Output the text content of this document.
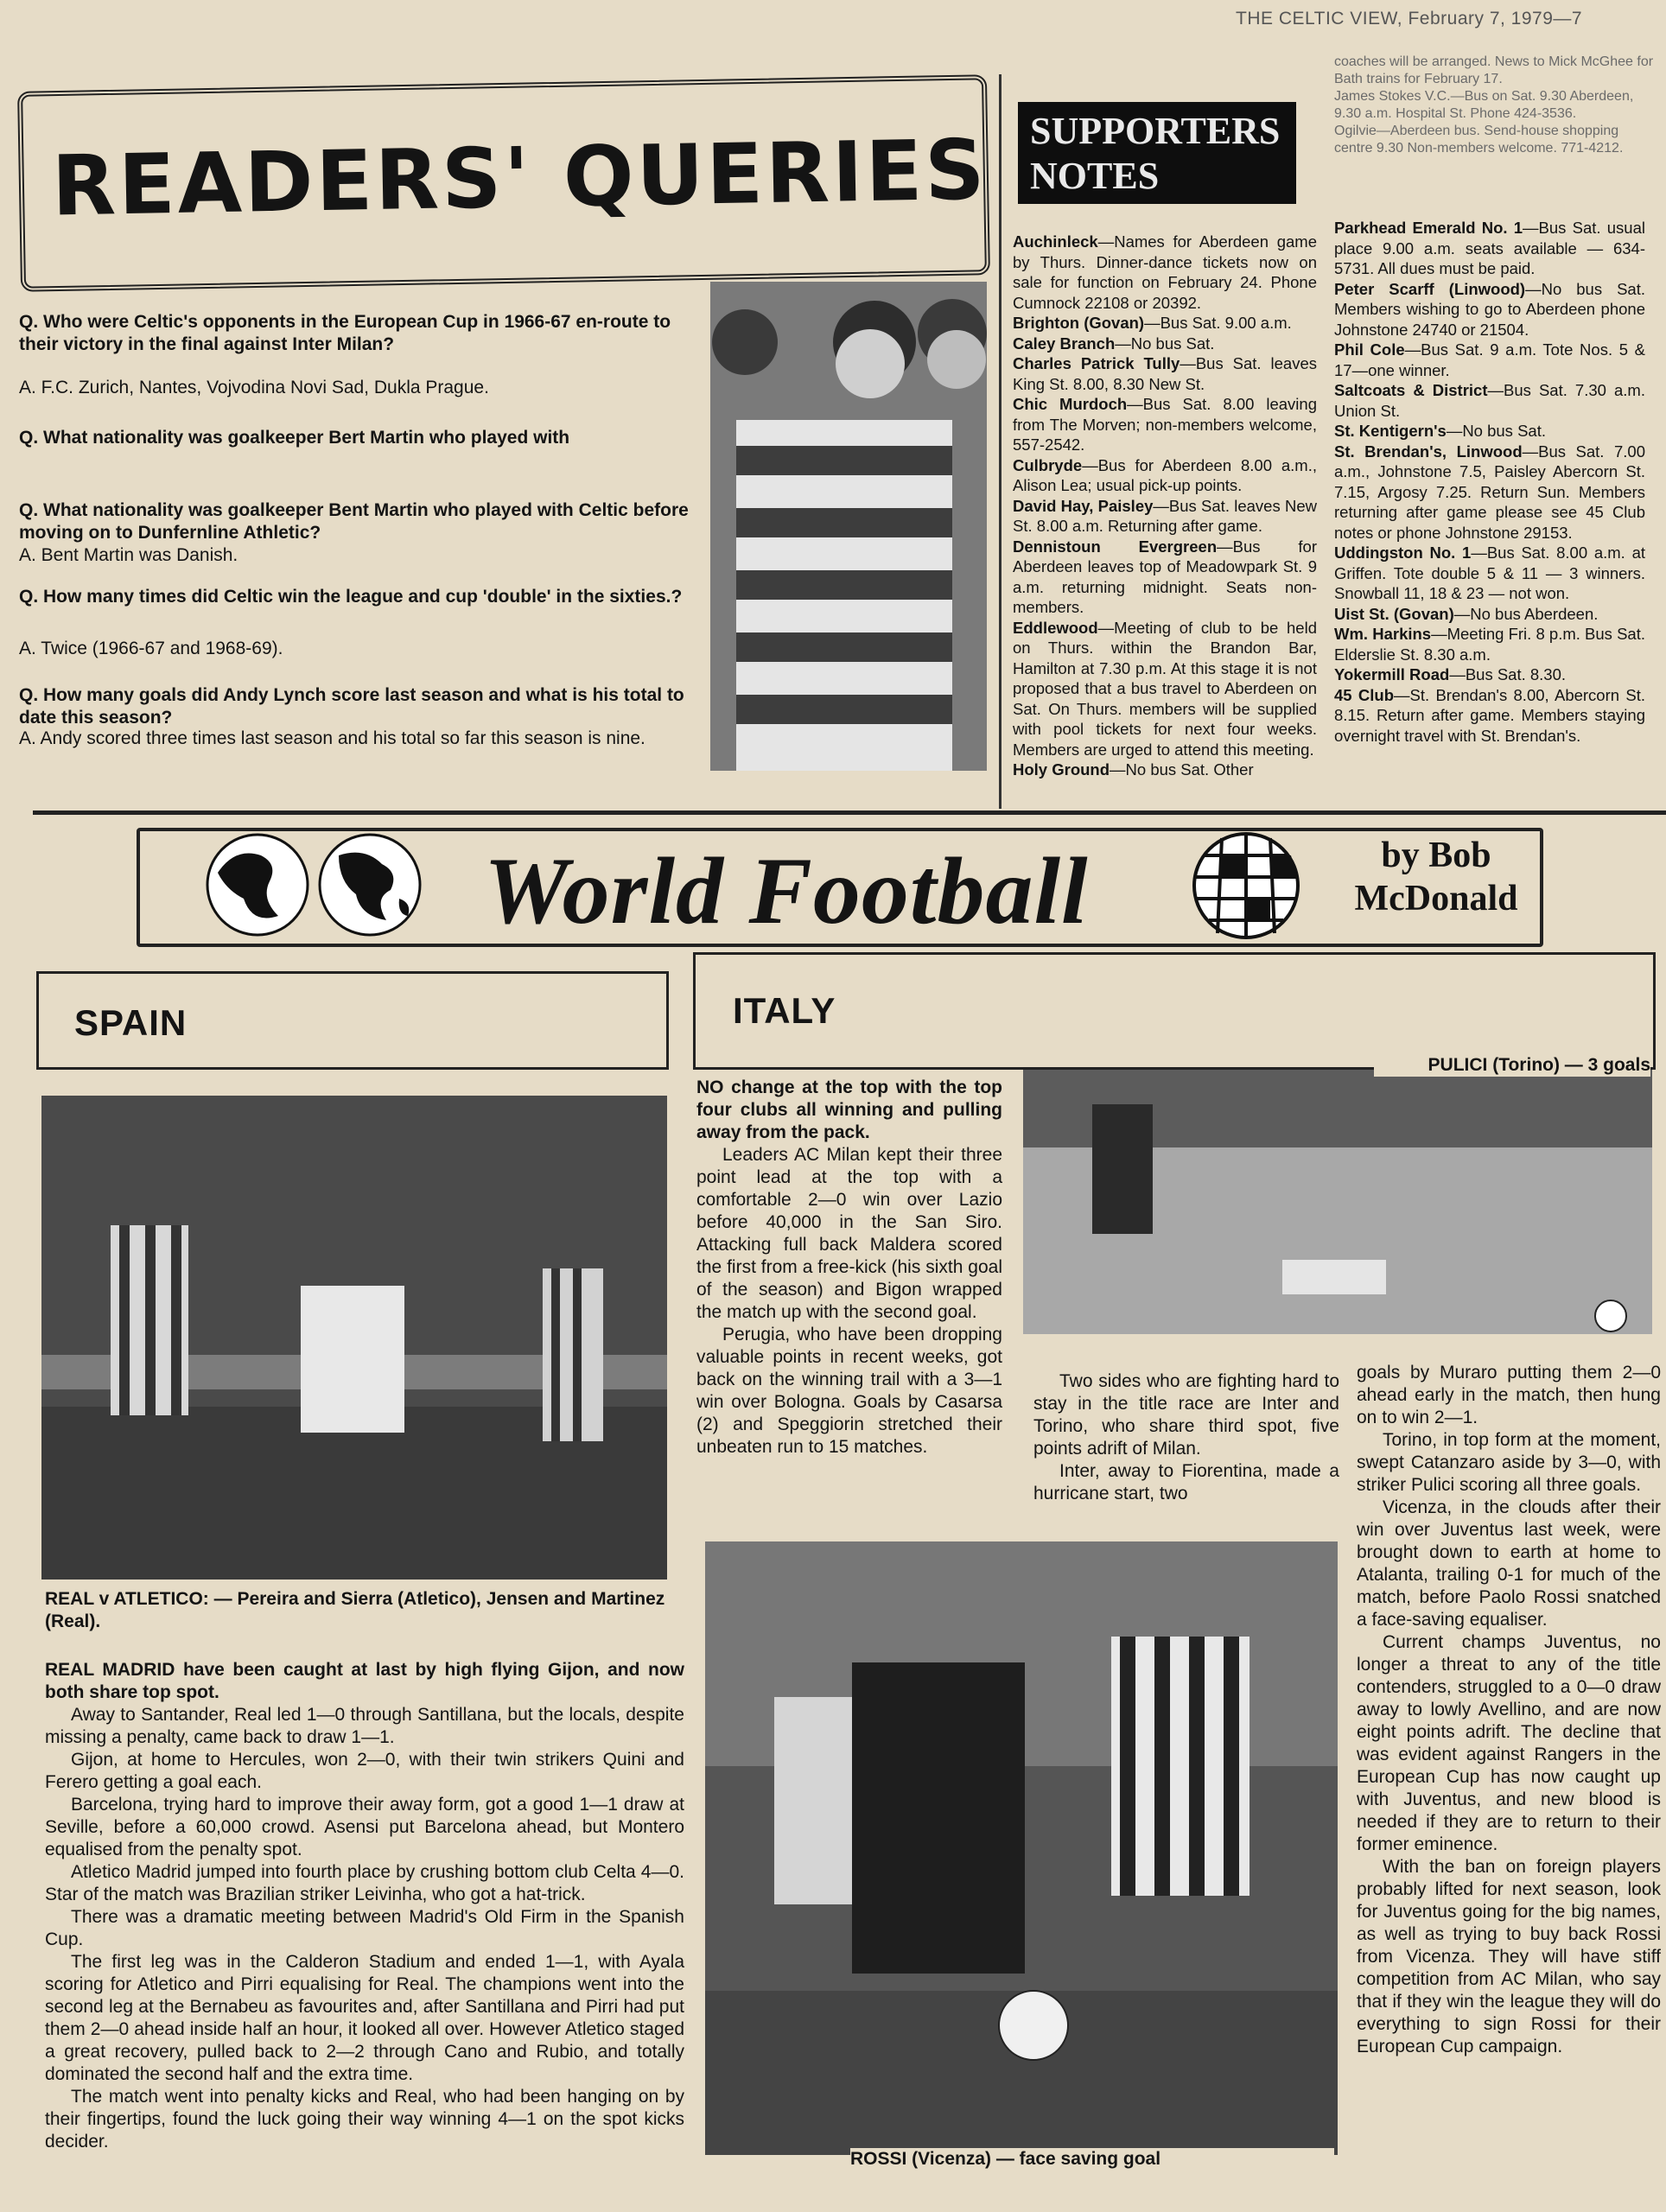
THE CELTIC VIEW, February 7, 1979—7
READERS' QUERIES
Q. Who were Celtic's opponents in the European Cup in 1966-67 en-route to their victory in the final against Inter Milan?
A. F.C. Zurich, Nantes, Vojvodina Novi Sad, Dukla Prague.
Q. What nationality was goalkeeper Bert Martin who played with
Q. What nationality was goalkeeper Bent Martin who played with Celtic before moving on to Dunfernline Athletic?
A. Bent Martin was Danish.
Q. How many times did Celtic win the league and cup 'double' in the sixties.?
A. Twice (1966-67 and 1968-69).
Q. How many goals did Andy Lynch score last season and what is his total to date this season?
A. Andy scored three times last season and his total so far this season is nine.
SUPPORTERS
NOTES
coaches will be arranged. News to Mick McGhee for Bath trains for February 17.
James Stokes V.C.—Bus on Sat. 9.30 Aberdeen, 9.30 a.m. Hospital St. Phone 424-3536.
Ogilvie—Aberdeen bus. Send-house shopping centre 9.30 Non-members welcome. 771-4212.

Auchinleck—Names for Aberdeen game by Thurs. Dinner-dance tickets now on sale for function on February 24. Phone Cumnock 22108 or 20392.

Brighton (Govan)—Bus Sat. 9.00 a.m.

Caley Branch—No bus Sat.

Charles Patrick Tully—Bus Sat. leaves King St. 8.00, 8.30 New St.

Chic Murdoch—Bus Sat. 8.00 leaving from The Morven; non-members welcome, 557-2542.

Culbryde—Bus for Aberdeen 8.00 a.m., Alison Lea; usual pick-up points.

David Hay, Paisley—Bus Sat. leaves New St. 8.00 a.m. Returning after game.

Dennistoun Evergreen—Bus for Aberdeen leaves top of Meadowpark St. 9 a.m. returning midnight. Seats non-members.

Eddlewood—Meeting of club to be held on Thurs. within the Brandon Bar, Hamilton at 7.30 p.m. At this stage it is not proposed that a bus travel to Aberdeen on Sat. On Thurs. members will be supplied with pool tickets for next four weeks. Members are urged to attend this meeting.

Holy Ground—No bus Sat. Other

Parkhead Emerald No. 1—Bus Sat. usual place 9.00 a.m. seats available — 634-5731. All dues must be paid.

Peter Scarff (Linwood)—No bus Sat. Members wishing to go to Aberdeen phone Johnstone 24740 or 21504.

Phil Cole—Bus Sat. 9 a.m. Tote Nos. 5 & 17—one winner.

Saltcoats & District—Bus Sat. 7.30 a.m. Union St.

St. Kentigern's—No bus Sat.

St. Brendan's, Linwood—Bus Sat. 7.00 a.m., Johnstone 7.5, Paisley Abercorn St. 7.15, Argosy 7.25. Return Sun. Members returning after game please see 45 Club notes or phone Johnstone 29153.

Uddingston No. 1—Bus Sat. 8.00 a.m. at Griffen. Tote double 5 & 11 — 3 winners. Snowball 11, 18 & 23 — not won.

Uist St. (Govan)—No bus Aberdeen.

Wm. Harkins—Meeting Fri. 8 p.m. Bus Sat. Elderslie St. 8.30 a.m.

Yokermill Road—Bus Sat. 8.30.

45 Club—St. Brendan's 8.00, Abercorn St. 8.15. Return after game. Members staying overnight travel with St. Brendan's.

World Football	by Bob
McDonald
SPAIN
REAL v ATLETICO: — Pereira and Sierra (Atletico), Jensen and Martinez (Real).
REAL MADRID have been caught at last by high flying Gijon, and now both share top spot.

Away to Santander, Real led 1—0 through Santillana, but the locals, despite missing a penalty, came back to draw 1—1.

Gijon, at home to Hercules, won 2—0, with their twin strikers Quini and Ferero getting a goal each.

Barcelona, trying hard to improve their away form, got a good 1—1 draw at Seville, before a 60,000 crowd. Asensi put Barcelona ahead, but Montero equalised from the penalty spot.

Atletico Madrid jumped into fourth place by crushing bottom club Celta 4—0. Star of the match was Brazilian striker Leivinha, who got a hat-trick.

There was a dramatic meeting between Madrid's Old Firm in the Spanish Cup.

The first leg was in the Calderon Stadium and ended 1—1, with Ayala scoring for Atletico and Pirri equalising for Real. The champions went into the second leg at the Bernabeu as favourites and, after Santillana and Pirri had put them 2—0 ahead inside half an hour, it looked all over. However Atletico staged a great recovery, pulled back to 2—2 through Cano and Rubio, and totally dominated the second half and the extra time.

The match went into penalty kicks and Real, who had been hanging on by their fingertips, found the luck going their way winning 4—1 on the spot kicks decider.

ITALY
NO change at the top with the top four clubs all winning and pulling away from the pack.

Leaders AC Milan kept their three point lead at the top with a comfortable 2—0 win over Lazio before 40,000 in the San Siro. Attacking full back Maldera scored the first from a free-kick (his sixth goal of the season) and Bigon wrapped the match up with the second goal.

Perugia, who have been dropping valuable points in recent weeks, got back on the winning trail with a 3—1 win over Bologna. Goals by Casarsa (2) and Speggiorin stretched their unbeaten run to 15 matches.

PULICI (Torino) — 3 goals

Two sides who are fighting hard to stay in the title race are Inter and Torino, who share third spot, five points adrift of Milan.

Inter, away to Fiorentina, made a hurricane start, two

goals by Muraro putting them 2—0 ahead early in the match, then hung on to win 2—1.

Torino, in top form at the moment, swept Catanzaro aside by 3—0, with striker Pulici scoring all three goals.

Vicenza, in the clouds after their win over Juventus last week, were brought down to earth at home to Atalanta, trailing 0-1 for much of the match, before Paolo Rossi snatched a face-saving equaliser.

Current champs Juventus, no longer a threat to any of the title contenders, struggled to a 0—0 draw away to lowly Avellino, and are now eight points adrift. The decline that was evident against Rangers in the European Cup has now caught up with Juventus, and new blood is needed if they are to return to their former eminence.

With the ban on foreign players probably lifted for next season, look for Juventus going for the big names, as well as trying to buy back Rossi from Vicenza. They will have stiff competition from AC Milan, who say that if they win the league they will do everything to sign Rossi for their European Cup campaign.

ROSSI (Vicenza) — face saving goal
